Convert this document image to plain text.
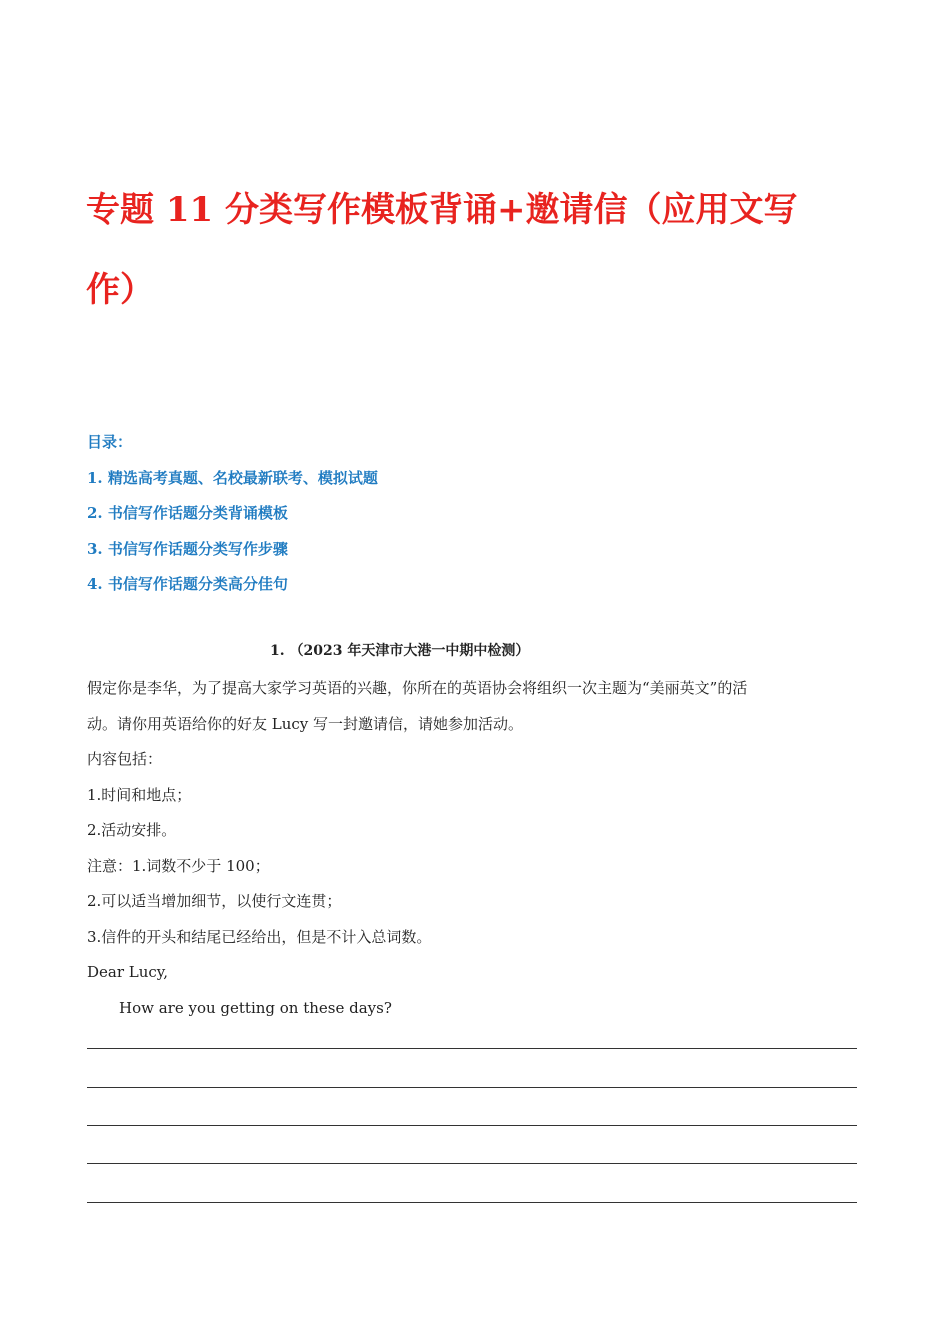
专题 11 分类写作模板背诵+邀请信（应用文写
作）
目录：
1. 精选高考真题、名校最新联考、模拟试题
2. 书信写作话题分类背诵模板
3. 书信写作话题分类写作步骤
4. 书信写作话题分类高分佳句
1. （2023 年天津市大港一中期中检测）
假定你是李华，为了提高大家学习英语的兴趣，你所在的英语协会将组织一次主题为“美丽英文”的活
动。请你用英语给你的好友 Lucy 写一封邀请信，请她参加活动。
内容包括：
1.时间和地点；
2.活动安排。
注意：1.词数不少于 100；
2.可以适当增加细节，以使行文连贯；
3.信件的开头和结尾已经给出，但是不计入总词数。
Dear Lucy,
How are you getting on these days?
